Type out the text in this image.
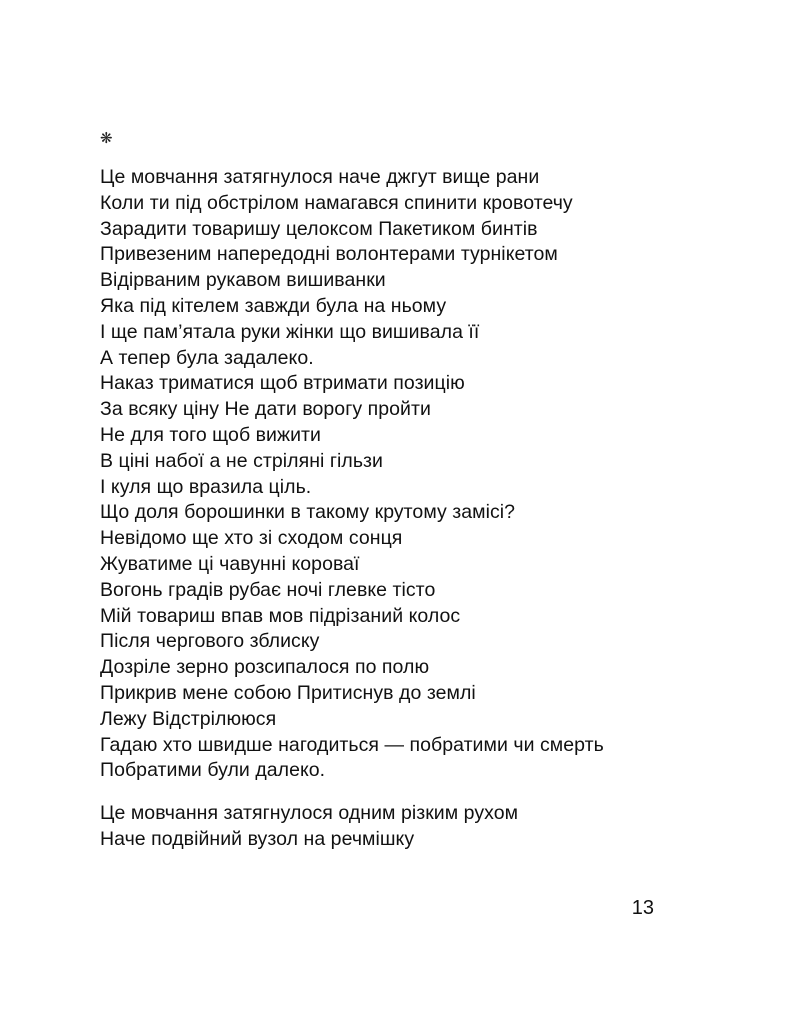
❋
Це мовчання затягнулося наче джгут вище рани
Коли ти під обстрілом намагався спинити кровотечу
Зарадити товаришу целоксом Пакетиком бинтів
Привезеним напередодні волонтерами турнікетом
Відірваним рукавом вишиванки
Яка під кітелем завжди була на ньому
І ще пам’ятала руки жінки що вишивала її
А тепер була задалеко.
Наказ триматися щоб втримати позицію
За всяку ціну Не дати ворогу пройти
Не для того щоб вижити
В ціні набої а не стріляні гільзи
І куля що вразила ціль.
Що доля борошинки в такому крутому замісі?
Невідомо ще хто зі сходом сонця
Жуватиме ці чавунні короваї
Вогонь градів рубає ночі глевке тісто
Мій товариш впав мов підрізаний колос
Після чергового зблиску
Дозріле зерно розсипалося по полю
Прикрив мене собою Притиснув до землі
Лежу Відстрілююся
Гадаю хто швидше нагодиться — побратими чи смерть
Побратими були далеко.
Це мовчання затягнулося одним різким рухом
Наче подвійний вузол на речмішку
13
